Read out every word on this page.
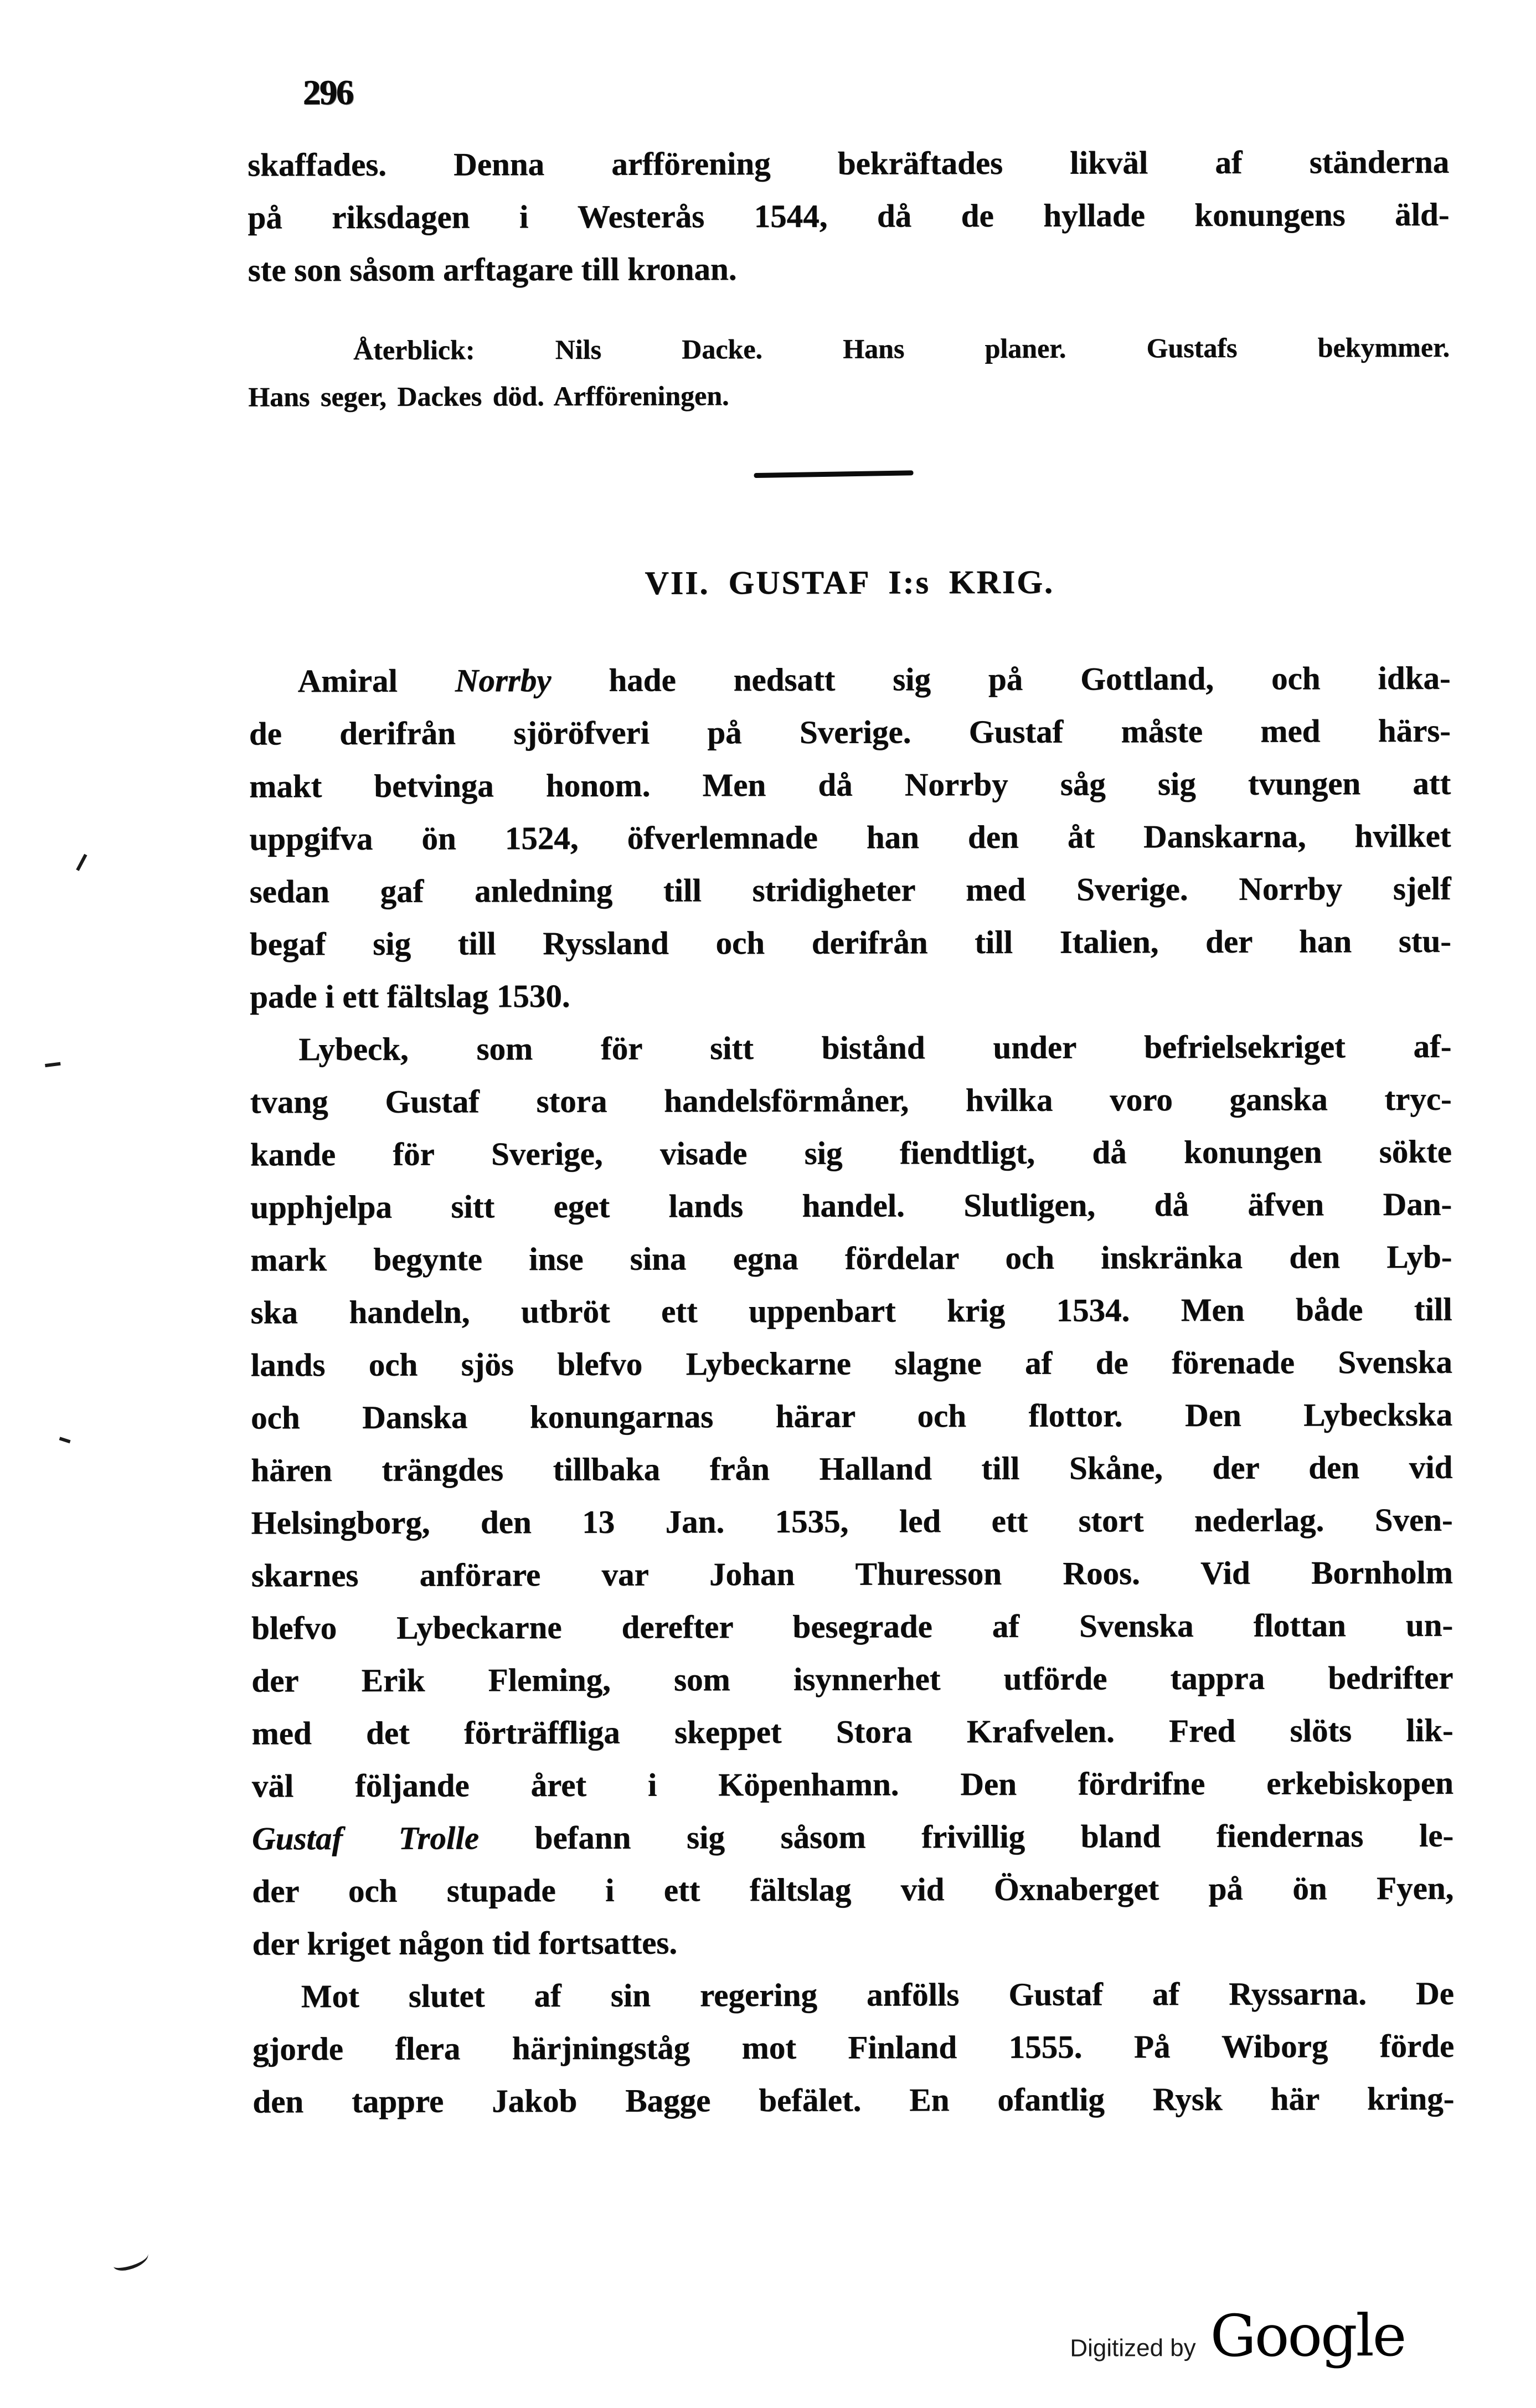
296
skaffades. Denna arfförening bekräftades likväl af ständerna
på riksdagen i Westerås 1544, då de hyllade konungens äld-
ste son såsom arftagare till kronan.
Återblick: Nils Dacke. Hans planer. Gustafs bekymmer.
Hans seger, Dackes död. Arfföreningen.
VII. GUSTAF I:s KRIG.
Amiral Norrby hade nedsatt sig på Gottland, och idka-
de derifrån sjöröfveri på Sverige. Gustaf måste med härs-
makt betvinga honom. Men då Norrby såg sig tvungen att
uppgifva ön 1524, öfverlemnade han den åt Danskarna, hvilket
sedan gaf anledning till stridigheter med Sverige. Norrby sjelf
begaf sig till Ryssland och derifrån till Italien, der han stu-
pade i ett fältslag 1530.
Lybeck, som för sitt bistånd under befrielsekriget af-
tvang Gustaf stora handelsförmåner, hvilka voro ganska tryc-
kande för Sverige, visade sig fiendtligt, då konungen sökte
upphjelpa sitt eget lands handel. Slutligen, då äfven Dan-
mark begynte inse sina egna fördelar och inskränka den Lyb-
ska handeln, utbröt ett uppenbart krig 1534. Men både till
lands och sjös blefvo Lybeckarne slagne af de förenade Svenska
och Danska konungarnas härar och flottor. Den Lybeckska
hären trängdes tillbaka från Halland till Skåne, der den vid
Helsingborg, den 13 Jan. 1535, led ett stort nederlag. Sven-
skarnes anförare var Johan Thuresson Roos. Vid Bornholm
blefvo Lybeckarne derefter besegrade af Svenska flottan un-
der Erik Fleming, som isynnerhet utförde tappra bedrifter
med det förträffliga skeppet Stora Krafvelen. Fred slöts lik-
väl följande året i Köpenhamn. Den fördrifne erkebiskopen
Gustaf Trolle befann sig såsom frivillig bland fiendernas le-
der och stupade i ett fältslag vid Öxnaberget på ön Fyen,
der kriget någon tid fortsattes.
Mot slutet af sin regering anfölls Gustaf af Ryssarna. De
gjorde flera härjningståg mot Finland 1555. På Wiborg förde
den tappre Jakob Bagge befälet. En ofantlig Rysk här kring-
Digitized by Google
